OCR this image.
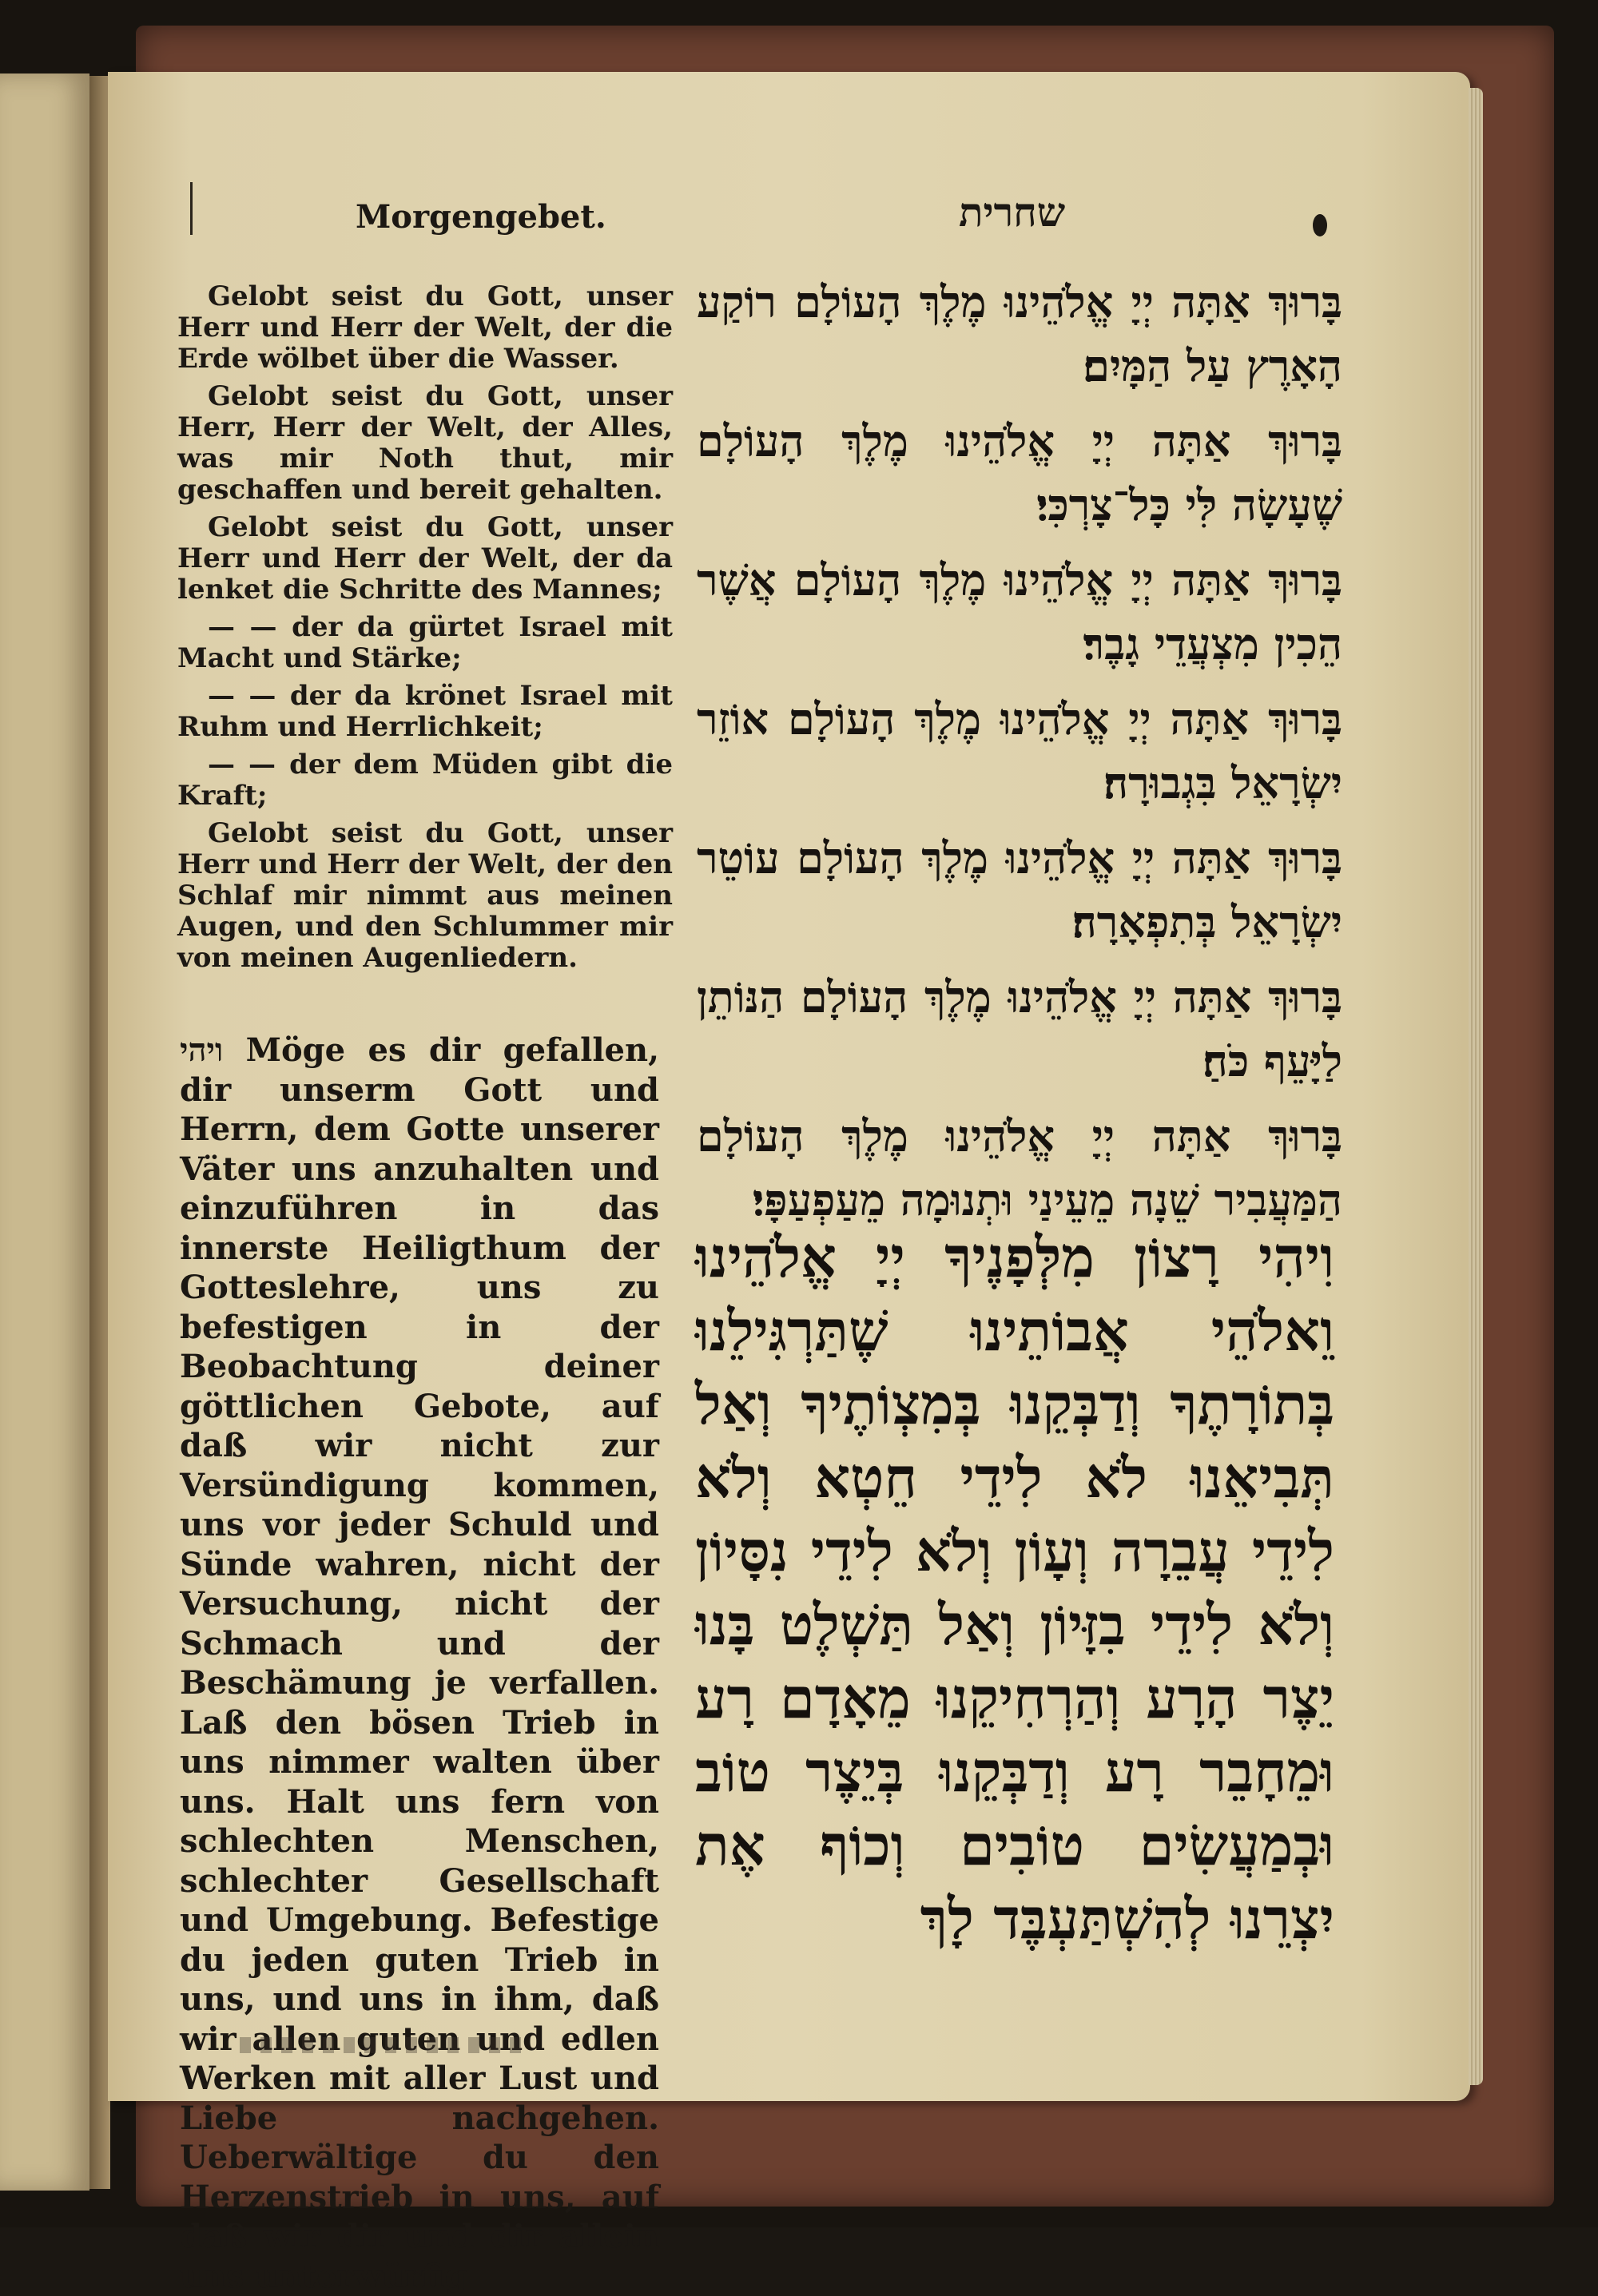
Morgengebet.	שחרית

Gelobt seist du Gott, unser Herr und Herr der Welt, der die Erde wölbet über die Wasser.

Gelobt seist du Gott, unser Herr, Herr der Welt, der Alles, was mir Noth thut, mir geschaffen und bereit gehalten.

Gelobt seist du Gott, unser Herr und Herr der Welt, der da lenket die Schritte des Mannes;

— — der da gürtet Israel mit Macht und Stärke;

— — der da krönet Israel mit Ruhm und Herrlichkeit;

— — der dem Müden gibt die Kraft;

Gelobt seist du Gott, unser Herr und Herr der Welt, der den Schlaf mir nimmt aus meinen Augen, und den Schlummer mir von meinen Augenliedern.

ויהי Möge es dir gefallen, dir unserm Gott und Herrn, dem Gotte unserer Väter uns anzuhalten und einzuführen in das innerste Heiligthum der Gotteslehre, uns zu befestigen in der Beobachtung deiner göttlichen Gebote, auf daß wir nicht zur Versündigung kommen, uns vor jeder Schuld und Sünde wahren, nicht der Versuchung, nicht der Schmach und der Beschämung je verfallen. Laß den bösen Trieb in uns nimmer walten über uns. Halt uns fern von schlechten Menschen, schlechter Gesellschaft und Umgebung. Befestige du jeden guten Trieb in uns, und uns in ihm, daß wir allen guten und edlen Werken mit aller Lust und Liebe nachgehen. Ueberwältige du den Herzenstrieb in uns, auf daß wir dir und dir allein uns unterwürfig

בָּרוּךְ אַתָּה יְיָ אֱלֹהֵינוּ מֶלֶךְ הָעוֹלָם רוֹקַע הָאָרֶץ עַל הַמָּיִם׃

בָּרוּךְ אַתָּה יְיָ אֱלֹהֵינוּ מֶלֶךְ הָעוֹלָם שֶׁעָשָׂה לִּי כָּל־צָרְכִּי׃

בָּרוּךְ אַתָּה יְיָ אֱלֹהֵינוּ מֶלֶךְ הָעוֹלָם אֲשֶׁר הֵכִין מִצְעֲדֵי גָבֶר׃

בָּרוּךְ אַתָּה יְיָ אֱלֹהֵינוּ מֶלֶךְ הָעוֹלָם אוֹזֵר יִשְׂרָאֵל בִּגְבוּרָה׃

בָּרוּךְ אַתָּה יְיָ אֱלֹהֵינוּ מֶלֶךְ הָעוֹלָם עוֹטֵר יִשְׂרָאֵל בְּתִפְאָרָה׃

בָּרוּךְ אַתָּה יְיָ אֱלֹהֵינוּ מֶלֶךְ הָעוֹלָם הַנּוֹתֵן לַיָּעֵף כֹּחַ׃

בָּרוּךְ אַתָּה יְיָ אֱלֹהֵינוּ מֶלֶךְ הָעוֹלָם הַמַּעֲבִיר שֵׁנָה מֵעֵינַי וּתְנוּמָה מֵעַפְעַפָּי׃

וִיהִי רָצוֹן מִלְּפָנֶיךָ יְיָ אֱלֹהֵינוּ וֵאלֹהֵי אֲבוֹתֵינוּ שֶׁתַּרְגִּילֵנוּ בְּתוֹרָתֶךָ וְדַבְּקֵנוּ בְּמִצְוֹתֶיךָ וְאַל תְּבִיאֵנוּ לֹא לִידֵי חֵטְא וְלֹא לִידֵי עֲבֵרָה וְעָוֹן וְלֹא לִידֵי נִסָּיוֹן וְלֹא לִידֵי בִזָּיוֹן וְאַל תַּשְׁלֶט בָּנוּ יֵצֶר הָרָע וְהַרְחִיקֵנוּ מֵאָדָם רָע וּמֵחָבֵר רָע וְדַבְּקֵנוּ בְּיֵצֶר טוֹב וּבְמַעֲשִׂים טוֹבִים וְכוֹף אֶת יִצְרֵנוּ לְהִשְׁתַּעְבֶּד לָךְ
